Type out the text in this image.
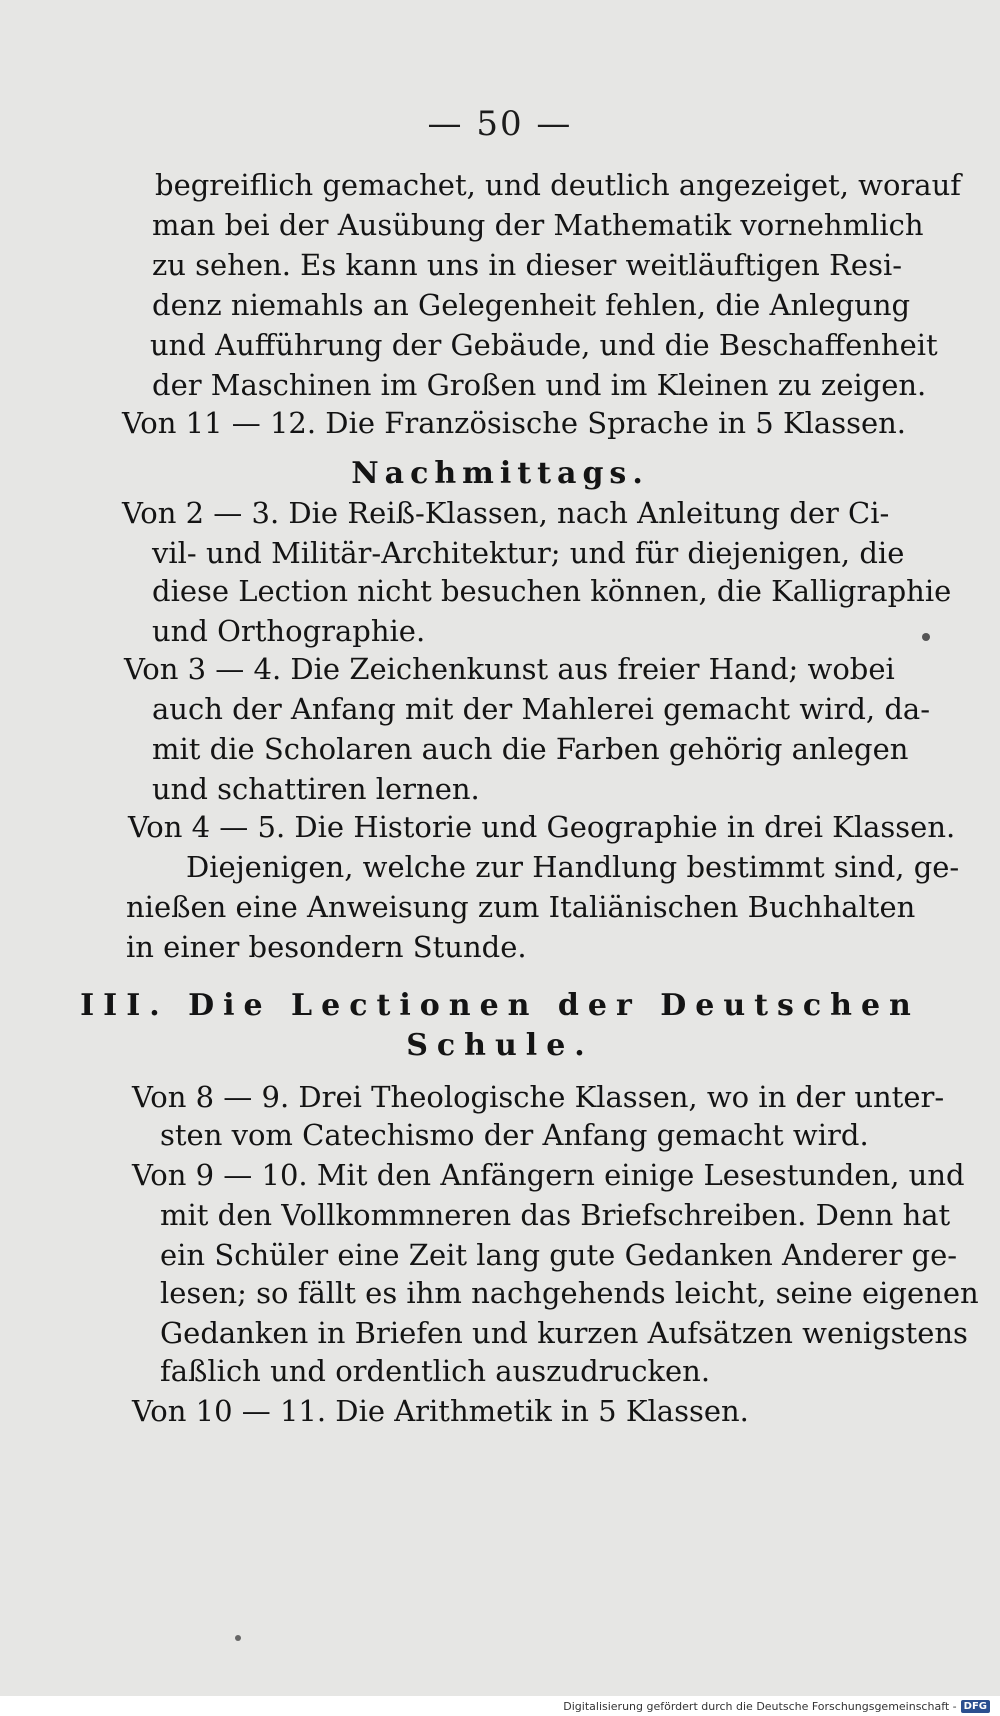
— 50 —
begreiflich gemachet, und deutlich angezeiget, worauf
man bei der Ausübung der Mathematik vornehmlich
zu sehen. Es kann uns in dieser weitläuftigen Resi-
denz niemahls an Gelegenheit fehlen, die Anlegung
und Aufführung der Gebäude, und die Beschaffenheit
der Maschinen im Großen und im Kleinen zu zeigen.
Von 11 — 12. Die Französische Sprache in 5 Klassen.
Nachmittags.
Von 2 — 3. Die Reiß-Klassen, nach Anleitung der Ci-
vil- und Militär-Architektur; und für diejenigen, die
diese Lection nicht besuchen können, die Kalligraphie
und Orthographie.
Von 3 — 4. Die Zeichenkunst aus freier Hand; wobei
auch der Anfang mit der Mahlerei gemacht wird, da-
mit die Scholaren auch die Farben gehörig anlegen
und schattiren lernen.
Von 4 — 5. Die Historie und Geographie in drei Klassen.
Diejenigen, welche zur Handlung bestimmt sind, ge-
nießen eine Anweisung zum Italiänischen Buchhalten
in einer besondern Stunde.
III. Die Lectionen der Deutschen
Schule.
Von 8 — 9. Drei Theologische Klassen, wo in der unter-
sten vom Catechismo der Anfang gemacht wird.
Von 9 — 10. Mit den Anfängern einige Lesestunden, und
mit den Vollkommneren das Briefschreiben. Denn hat
ein Schüler eine Zeit lang gute Gedanken Anderer ge-
lesen; so fällt es ihm nachgehends leicht, seine eigenen
Gedanken in Briefen und kurzen Aufsätzen wenigstens
faßlich und ordentlich auszudrucken.
Von 10 — 11. Die Arithmetik in 5 Klassen.
Digitalisierung gefördert durch die Deutsche Forschungsgemeinschaft - DFG
